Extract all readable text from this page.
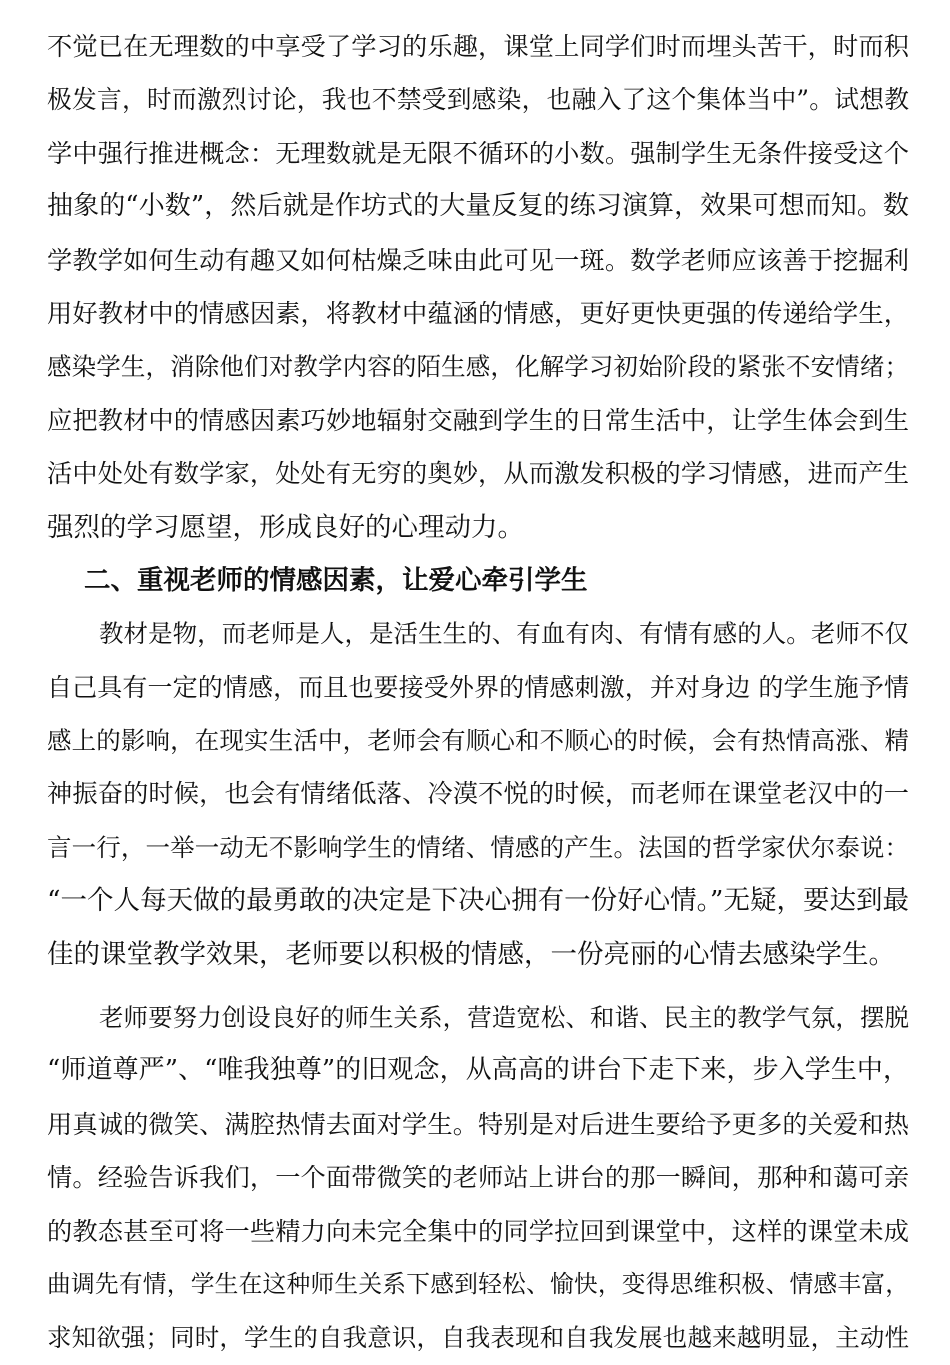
不觉已在无理数的中享受了学习的乐趣，课堂上同学们时而埋头苦干，时而积
极发言，时而激烈讨论，我也不禁受到感染，也融入了这个集体当中”。试想教
学中强行推进概念：无理数就是无限不循环的小数。强制学生无条件接受这个
抽象的“小数”，然后就是作坊式的大量反复的练习演算，效果可想而知。数
学教学如何生动有趣又如何枯燥乏味由此可见一斑。数学老师应该善于挖掘利
用好教材中的情感因素，将教材中蕴涵的情感，更好更快更强的传递给学生，
感染学生，消除他们对教学内容的陌生感，化解学习初始阶段的紧张不安情绪；
应把教材中的情感因素巧妙地辐射交融到学生的日常生活中，让学生体会到生
活中处处有数学家，处处有无穷的奥妙，从而激发积极的学习情感，进而产生
强烈的学习愿望，形成良好的心理动力。
二、重视老师的情感因素，让爱心牵引学生
教材是物，而老师是人，是活生生的、有血有肉、有情有感的人。老师不仅
自己具有一定的情感，而且也要接受外界的情感刺激，并对身边 的学生施予情
感上的影响，在现实生活中，老师会有顺心和不顺心的时候，会有热情高涨、精
神振奋的时候，也会有情绪低落、冷漠不悦的时候，而老师在课堂老汉中的一
言一行，一举一动无不影响学生的情绪、情感的产生。法国的哲学家伏尔泰说：
“一个人每天做的最勇敢的决定是下决心拥有一份好心情。”无疑，要达到最
佳的课堂教学效果，老师要以积极的情感，一份亮丽的心情去感染学生。
老师要努力创设良好的师生关系，营造宽松、和谐、民主的教学气氛，摆脱
“师道尊严”、“唯我独尊”的旧观念，从高高的讲台下走下来，步入学生中，
用真诚的微笑、满腔热情去面对学生。特别是对后进生要给予更多的关爱和热
情。经验告诉我们，一个面带微笑的老师站上讲台的那一瞬间，那种和蔼可亲
的教态甚至可将一些精力向未完全集中的同学拉回到课堂中，这样的课堂未成
曲调先有情，学生在这种师生关系下感到轻松、愉快，变得思维积极、情感丰富，
求知欲强；同时，学生的自我意识，自我表现和自我发展也越来越明显，主动性
